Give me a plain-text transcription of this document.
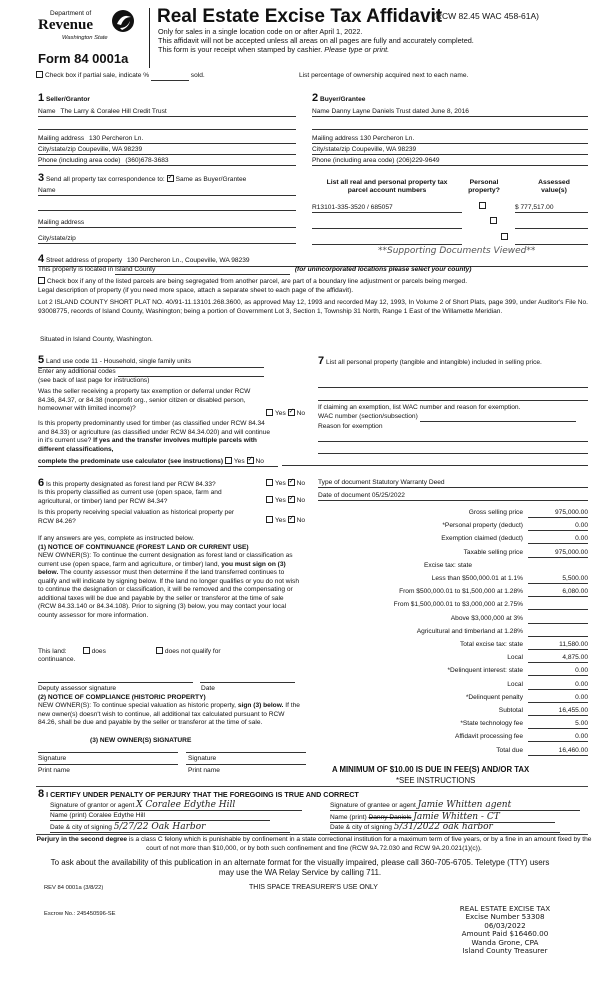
Department of
Revenue
Washington State
Form 84 0001a
Real Estate Excise Tax Affidavit
(RCW 82.45 WAC 458-61A)
Only for sales in a single location code on or after April 1, 2022.
This affidavit will not be accepted unless all areas on all pages are fully and accurately completed.
This form is your receipt when stamped by cashier. Please type or print.
Check box if partial sale, indicate %	sold.	List percentage of ownership acquired next to each name.
1 Seller/Grantor
Name The Larry & Coralee Hill Credit Trust
Mailing address 130 Percheron Ln.
City/state/zip Coupeville, WA 98239
Phone (including area code) (360)678-3683
2 Buyer/Grantee
Name Danny Layne Daniels Trust dated June 8, 2016
Mailing address 130 Percheron Ln.
City/state/zip Coupeville, WA 98239
Phone (including area code) (206)229-9649
3 Send all property tax correspondence to: ✓ Same as Buyer/Grantee
Name
Mailing address
City/state/zip
List all real and personal property tax
parcel account numbers
Personal
property?
Assessed
value(s)
R13101-335-3520 / 685057
	$ 777,517.00

**Supporting Documents Viewed**
4 Street address of property 130 Percheron Ln., Coupeville, WA 98239
This property is located in Island County	(for unincorporated locations please select your county)
Check box if any of the listed parcels are being segregated from another parcel, are part of a boundary line adjustment or parcels being merged.
Legal description of property (if you need more space, attach a separate sheet to each page of the affidavit).
Lot 2 ISLAND COUNTY SHORT PLAT NO. 40/91-11.13101.268.3600, as approved May 12, 1993 and recorded May 12, 1993, In Volume 2 of Short Plats, page 399, under Auditor's File No. 93008775, records of Island County, Washington; being a portion of Government Lot 3, Section 1, Township 31 North, Range 1 East of the Willamette Meridian.
Situated in Island County, Washington.
5 Land use code 11 - Household, single family units
Enter any additional codes
(see back of last page for instructions)
Was the seller receiving a property tax exemption or deferral under RCW 84.36, 84.37, or 84.38 (nonprofit org., senior citizen or disabled person, homeowner with limited income)?
Yes ✓ No
Is this property predominantly used for timber (as classified under RCW 84.34 and 84.33) or agriculture (as classified under RCW 84.34.020) and will continue in it's current use? If yes and the transfer involves multiple parcels with different classifications,
complete the predominate use calculator (see instructions) Yes ✓ No
7 List all personal property (tangible and intangible) included in selling price.
If claiming an exemption, list WAC number and reason for exemption.
WAC number (section/subsection)
Reason for exemption
6 Is this property designated as forest land per RCW 84.33?
Is this property classified as current use (open space, farm and agricultural, or timber) land per RCW 84.34?
Is this property receiving special valuation as historical property per RCW 84.26?
Yes ✓ No
Yes ✓ No
Yes ✓ No
If any answers are yes, complete as instructed below.
(1) NOTICE OF CONTINUANCE (FOREST LAND OR CURRENT USE)
NEW OWNER(S): To continue the current designation as forest land or classification as current use (open space, farm and agriculture, or timber) land, you must sign on (3) below. The county assessor must then determine if the land transferred continues to qualify and will indicate by signing below. If the land no longer qualifies or you do not wish to continue the designation or classification, it will be removed and the compensating or additional taxes will be due and payable by the seller or transferor at the time of sale (RCW 84.33.140 or 84.34.108). Prior to signing (3) below, you may contact your local county assessor for more information.
This land:	does	does not qualify for
continuance.
Deputy assessor signature	Date
(2) NOTICE OF COMPLIANCE (HISTORIC PROPERTY)
NEW OWNER(S): To continue special valuation as historic property, sign (3) below. If the new owner(s) doesn't wish to continue, all additional tax calculated pursuant to RCW 84.26, shall be due and payable by the seller or transferor at the time of sale.
(3) NEW OWNER(S) SIGNATURE
Signature	Signature
Print name	Print name
Type of document Statutory Warranty Deed
Date of document 05/25/2022
Gross selling price	975,000.00
*Personal property (deduct)	0.00
Exemption claimed (deduct)	0.00
Taxable selling price	975,000.00
Excise tax: state
Less than $500,000.01 at 1.1%	5,500.00
From $500,000.01 to $1,500,000 at 1.28%	6,080.00
From $1,500,000.01 to $3,000,000 at 2.75%
Above $3,000,000 at 3%
Agricultural and timberland at 1.28%
Total excise tax: state	11,580.00
Local	4,875.00
*Delinquent interest: state	0.00
Local	0.00
*Delinquent penalty	0.00
Subtotal	16,455.00
*State technology fee	5.00
Affidavit processing fee	0.00
Total due	16,460.00
A MINIMUM OF $10.00 IS DUE IN FEE(S) AND/OR TAX
*SEE INSTRUCTIONS
8 I CERTIFY UNDER PENALTY OF PERJURY THAT THE FOREGOING IS TRUE AND CORRECT
Signature of grantor or agent X Coralee Edythe Hill
Name (print) Coralee Edythe Hill
Date & city of signing 5/27/22 Oak Harbor
Signature of grantee or agent Jamie Whitten agent
Name (print) Danny Daniels Jamie Whitten - CT
Date & city of signing 5/31/2022 oak harbor
Perjury in the second degree is a class C felony which is punishable by confinement in a state correctional institution for a maximum term of five years, or by a fine in an amount fixed by the court of not more than $10,000, or by both such confinement and fine (RCW 9A.72.030 and RCW 9A.20.021(1)(c)).
To ask about the availability of this publication in an alternate format for the visually impaired, please call 360-705-6705. Teletype (TTY) users may use the WA Relay Service by calling 711.
REV 84 0001a (3/8/22)	THIS SPACE TREASURER'S USE ONLY
Escrow No.: 245450596-SE
REAL ESTATE EXCISE TAX
Excise Number 53308
06/03/2022
Amount Paid $16460.00
Wanda Grone, CPA
Island County Treasurer
